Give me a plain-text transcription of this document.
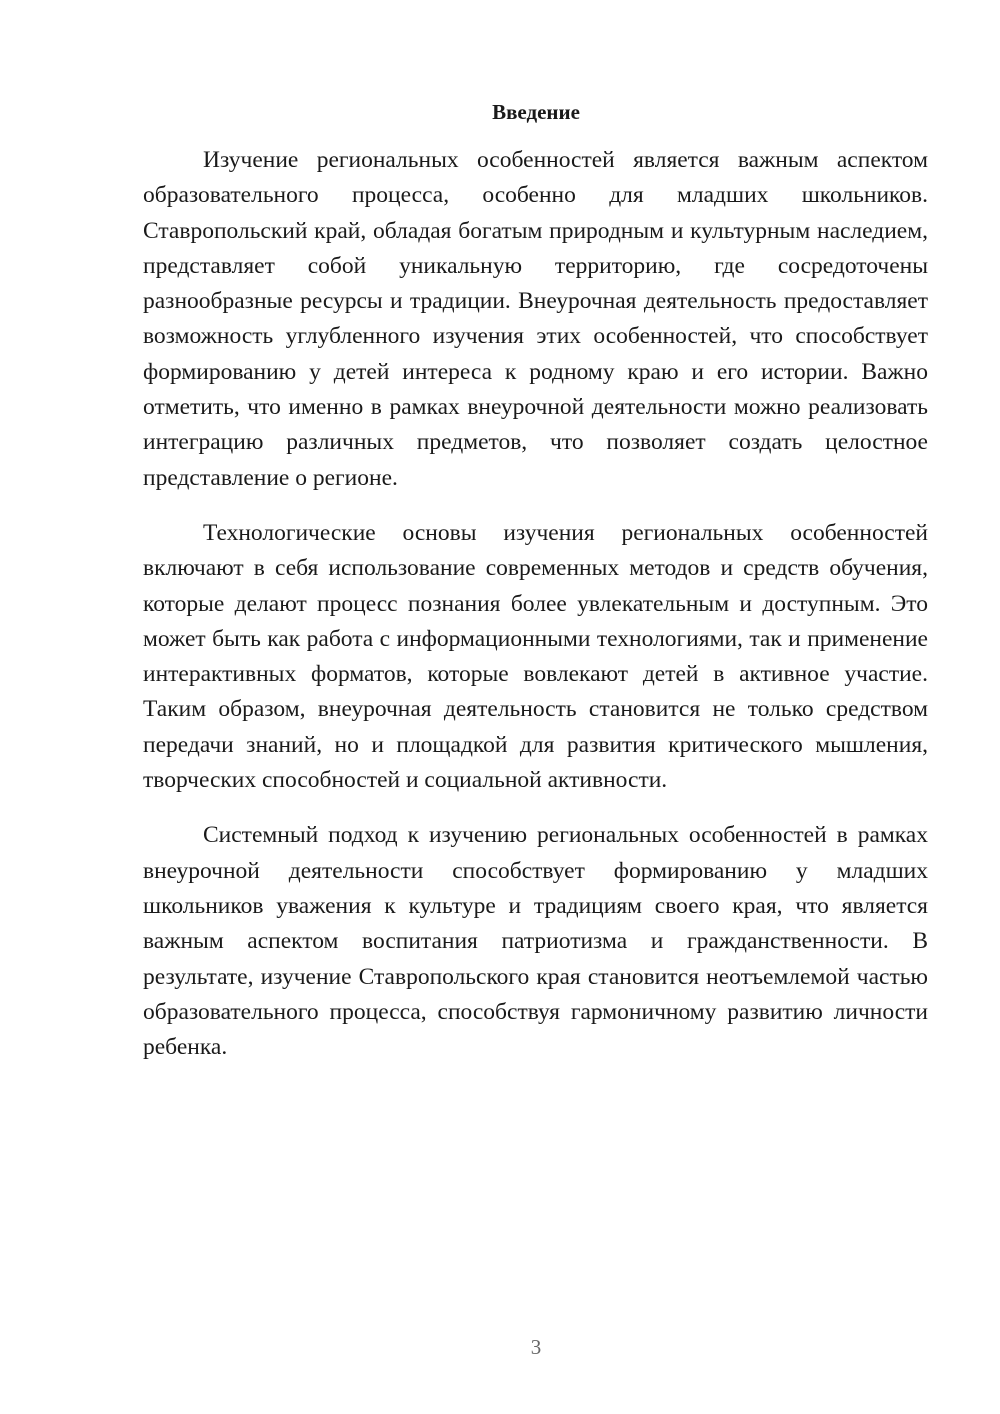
Введение

Изучение региональных особенностей является важным аспектом образовательного процесса, особенно для младших школьников. Ставропольский край, обладая богатым природным и культурным наследием, представляет собой уникальную территорию, где сосредоточены разнообразные ресурсы и традиции. Внеурочная деятельность предоставляет возможность углубленного изучения этих особенностей, что способствует формированию у детей интереса к родному краю и его истории. Важно отметить, что именно в рамках внеурочной деятельности можно реализовать интеграцию различных предметов, что позволяет создать целостное представление о регионе.

Технологические основы изучения региональных особенностей включают в себя использование современных методов и средств обучения, которые делают процесс познания более увлекательным и доступным. Это может быть как работа с информационными технологиями, так и применение интерактивных форматов, которые вовлекают детей в активное участие. Таким образом, внеурочная деятельность становится не только средством передачи знаний, но и площадкой для развития критического мышления, творческих способностей и социальной активности.

Системный подход к изучению региональных особенностей в рамках внеурочной деятельности способствует формированию у младших школьников уважения к культуре и традициям своего края, что является важным аспектом воспитания патриотизма и гражданственности. В результате, изучение Ставропольского края становится неотъемлемой частью образовательного процесса, способствуя гармоничному развитию личности ребенка.

3
